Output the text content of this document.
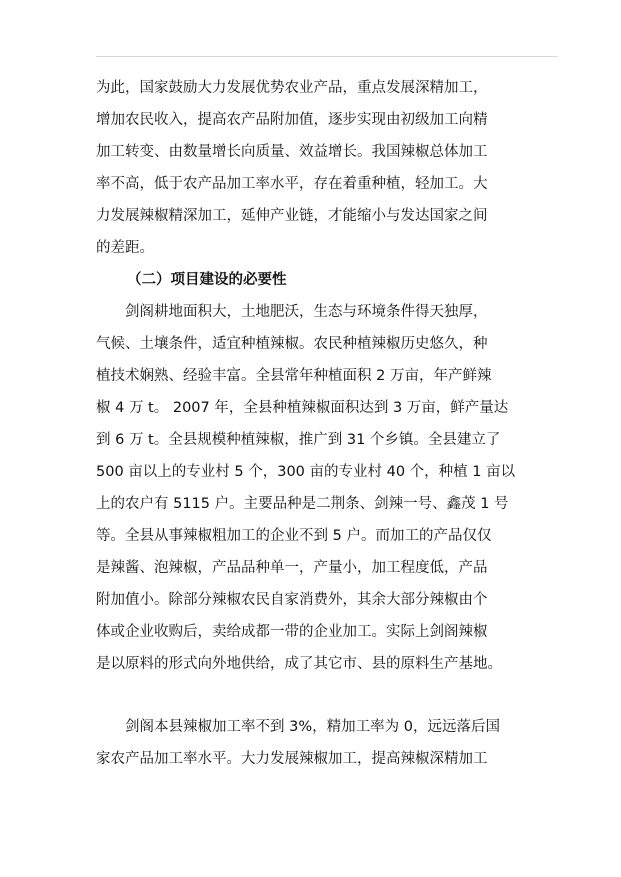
为此，国家鼓励大力发展优势农业产品，重点发展深精加工，
增加农民收入，提高农产品附加值，逐步实现由初级加工向精
加工转变、由数量增长向质量、效益增长。我国辣椒总体加工
率不高，低于农产品加工率水平，存在着重种植，轻加工。大
力发展辣椒精深加工，延伸产业链，才能缩小与发达国家之间
的差距。
（二）项目建设的必要性
剑阁耕地面积大，土地肥沃，生态与环境条件得天独厚，
气候、土壤条件，适宜种植辣椒。农民种植辣椒历史悠久，种
植技术娴熟、经验丰富。全县常年种植面积 2 万亩，年产鲜辣
椒 4 万 t。 2007 年，全县种植辣椒面积达到 3 万亩，鲜产量达
到 6 万 t。全县规模种植辣椒，推广到 31 个乡镇。全县建立了
500 亩以上的专业村 5 个，300 亩的专业村 40 个，种植 1 亩以
上的农户有 5115 户。主要品种是二荆条、剑辣一号、鑫茂 1 号
等。全县从事辣椒粗加工的企业不到 5 户。而加工的产品仅仅
是辣酱、泡辣椒，产品品种单一，产量小，加工程度低，产品
附加值小。除部分辣椒农民自家消费外，其余大部分辣椒由个
体或企业收购后，卖给成都一带的企业加工。实际上剑阁辣椒
是以原料的形式向外地供给，成了其它市、县的原料生产基地。
剑阁本县辣椒加工率不到 3%，精加工率为 0，远远落后国
家农产品加工率水平。大力发展辣椒加工，提高辣椒深精加工
